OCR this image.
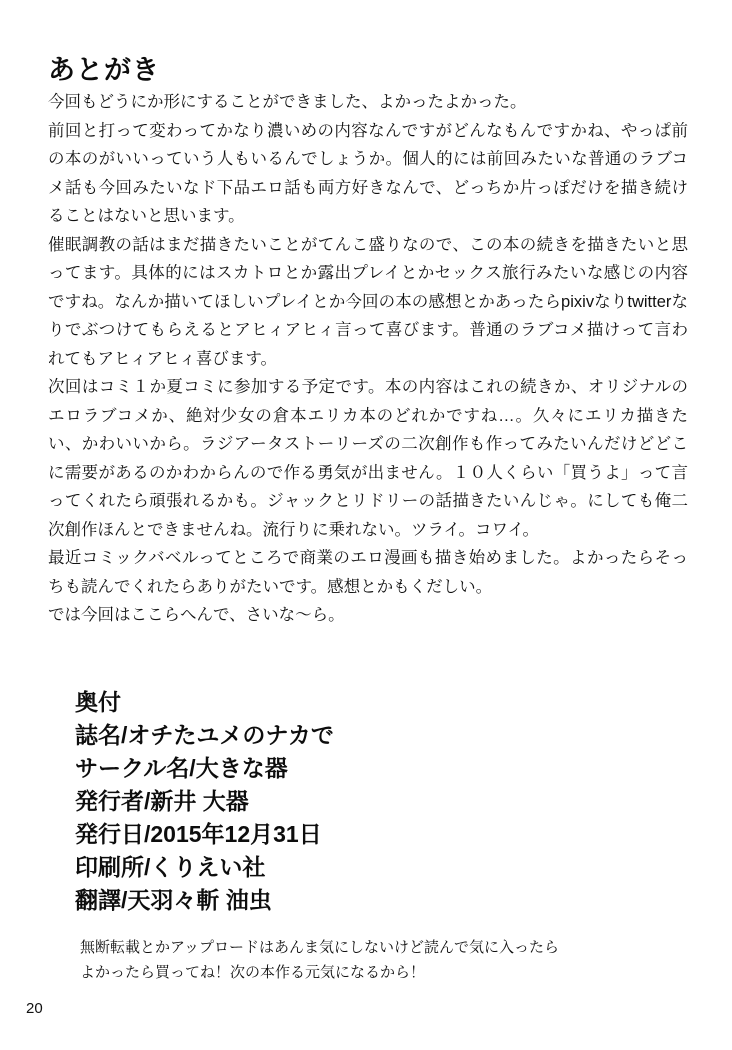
あとがき

今回もどうにか形にすることができました、よかったよかった。

前回と打って変わってかなり濃いめの内容なんですがどんなもんですかね、やっぱ前の本のがいいっていう人もいるんでしょうか。個人的には前回みたいな普通のラブコメ話も今回みたいなド下品エロ話も両方好きなんで、どっちか片っぽだけを描き続けることはないと思います。

催眠調教の話はまだ描きたいことがてんこ盛りなので、この本の続きを描きたいと思ってます。具体的にはスカトロとか露出プレイとかセックス旅行みたいな感じの内容ですね。なんか描いてほしいプレイとか今回の本の感想とかあったらpixivなりtwitterなりでぶつけてもらえるとアヒィアヒィ言って喜びます。普通のラブコメ描けって言われてもアヒィアヒィ喜びます。

次回はコミ１か夏コミに参加する予定です。本の内容はこれの続きか、オリジナルのエロラブコメか、絶対少女の倉本エリカ本のどれかですね…。久々にエリカ描きたい、かわいいから。ラジアータストーリーズの二次創作も作ってみたいんだけどどこに需要があるのかわからんので作る勇気が出ません。１０人くらい「買うよ」って言ってくれたら頑張れるかも。ジャックとリドリーの話描きたいんじゃ。にしても俺二次創作ほんとできませんね。流行りに乗れない。ツライ。コワイ。

最近コミックバベルってところで商業のエロ漫画も描き始めました。よかったらそっちも読んでくれたらありがたいです。感想とかもくだしい。

では今回はここらへんで、さいな〜ら。

奥付
誌名/オチたユメのナカで
サークル名/大きな器
発行者/新井 大器
発行日/2015年12月31日
印刷所/くりえい社
翻譯/天羽々斬 油虫

無断転載とかアップロードはあんま気にしないけど読んで気に入ったら

よかったら買ってね！次の本作る元気になるから！

20
